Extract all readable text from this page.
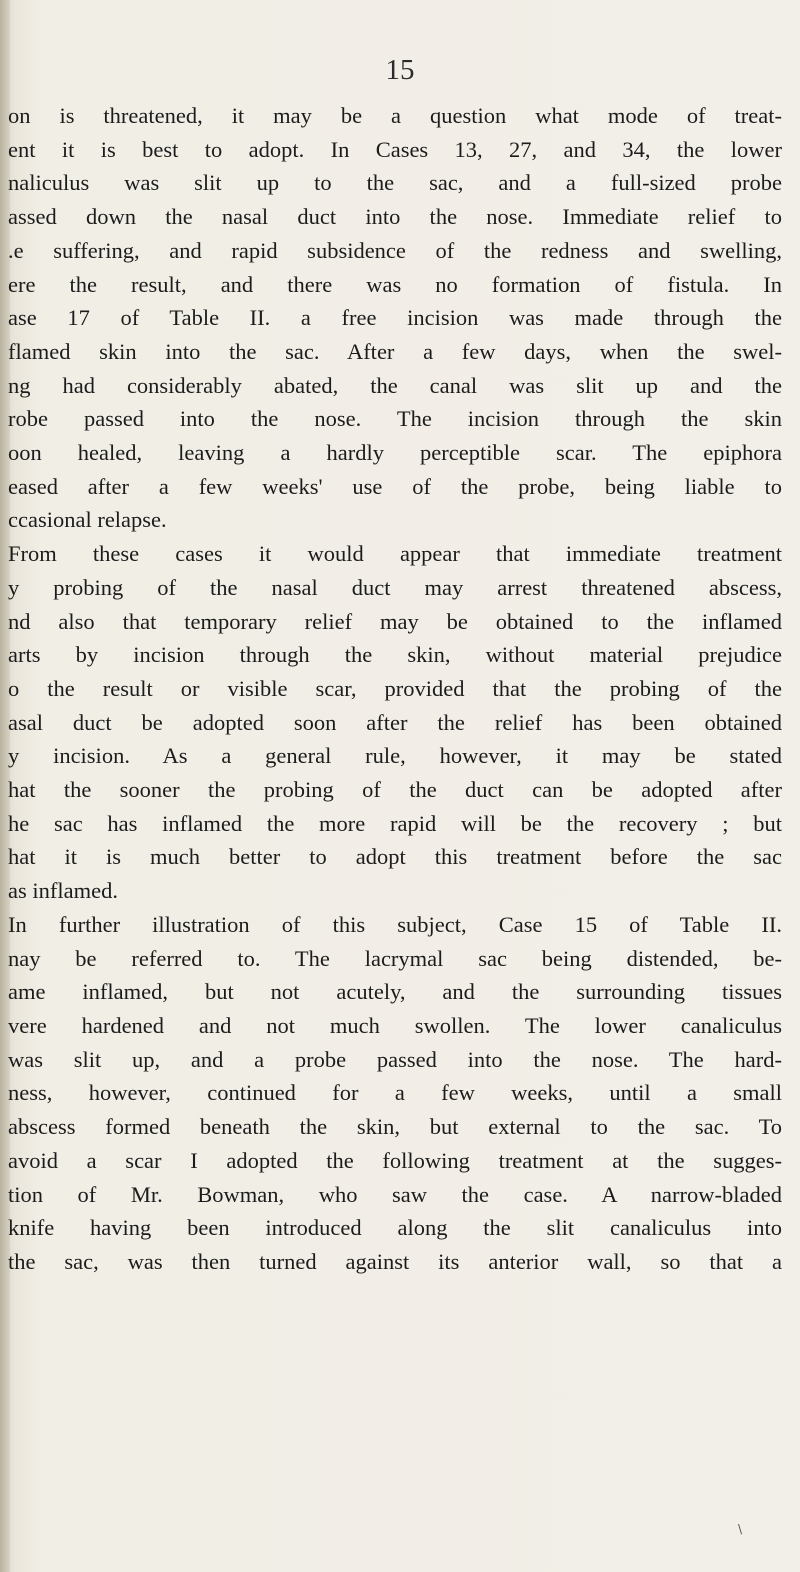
15
on is threatened, it may be a question what mode of treat-
ent it is best to adopt. In Cases 13, 27, and 34, the lower
naliculus was slit up to the sac, and a full-sized probe
assed down the nasal duct into the nose. Immediate relief to
.e suffering, and rapid subsidence of the redness and swelling,
ere the result, and there was no formation of fistula. In
ase 17 of Table II. a free incision was made through the
flamed skin into the sac. After a few days, when the swel-
ng had considerably abated, the canal was slit up and the
robe passed into the nose. The incision through the skin
oon healed, leaving a hardly perceptible scar. The epiphora
eased after a few weeks' use of the probe, being liable to
ccasional relapse.
From these cases it would appear that immediate treatment
y probing of the nasal duct may arrest threatened abscess,
nd also that temporary relief may be obtained to the inflamed
arts by incision through the skin, without material prejudice
o the result or visible scar, provided that the probing of the
asal duct be adopted soon after the relief has been obtained
y incision. As a general rule, however, it may be stated
hat the sooner the probing of the duct can be adopted after
he sac has inflamed the more rapid will be the recovery ; but
hat it is much better to adopt this treatment before the sac
as inflamed.
In further illustration of this subject, Case 15 of Table II.
nay be referred to. The lacrymal sac being distended, be-
ame inflamed, but not acutely, and the surrounding tissues
vere hardened and not much swollen. The lower canaliculus
was slit up, and a probe passed into the nose. The hard-
ness, however, continued for a few weeks, until a small
abscess formed beneath the skin, but external to the sac. To
avoid a scar I adopted the following treatment at the sugges-
tion of Mr. Bowman, who saw the case. A narrow-bladed
knife having been introduced along the slit canaliculus into
the sac, was then turned against its anterior wall, so that a
\
